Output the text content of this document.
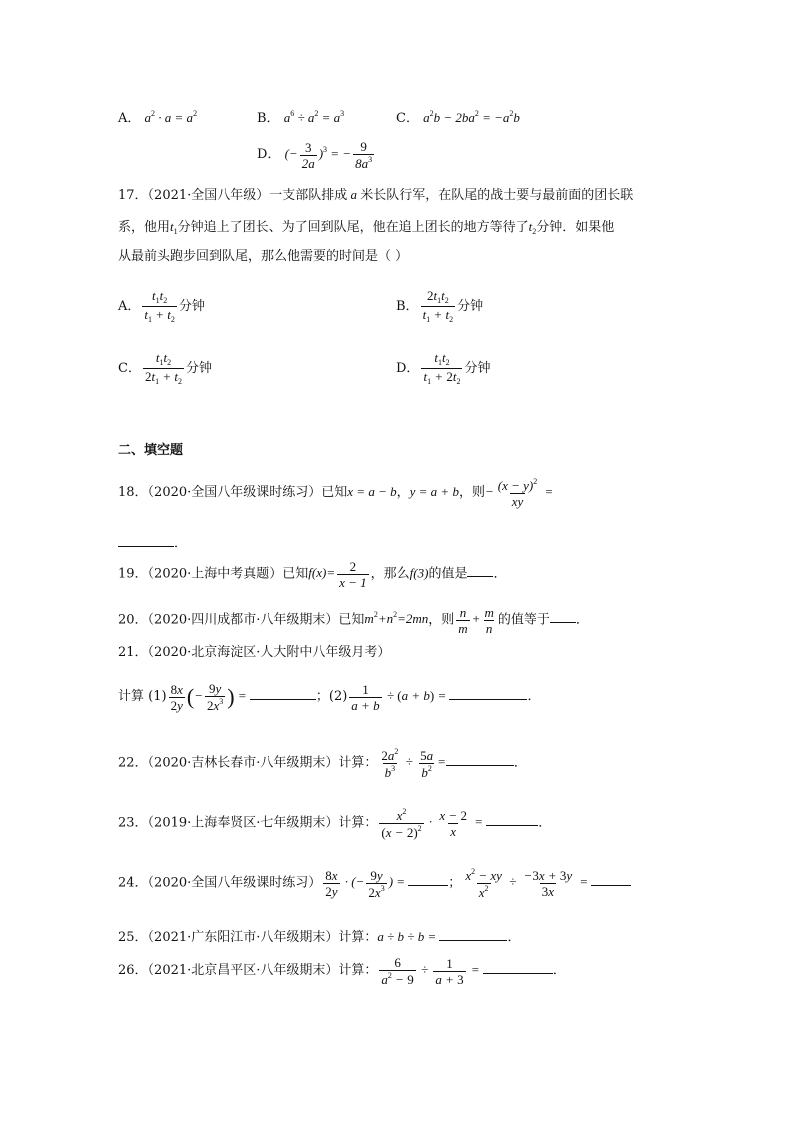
A． $a^2 \cdot a = a^2$	B． $a^6 \div a^2 = a^3$	C． $a^2b - 2ba^2 = -a^2b$
D． (− $\frac{3}{2a} )^3$ = − $\frac{9}{8a^3}$
17．（2021·全国八年级）一支部队排成 a 米长队行军，在队尾的战士要与最前面的团长联
系，他用$t_1$分钟追上了团长、为了回到队尾，他在追上团长的地方等待了$t_2$分钟．如果他
从最前头跑步回到队尾，那么他需要的时间是（ ）
A． $\frac{t_1t_2}{t_1 + t_2}$ 分钟	B． $\frac{2t_1t_2}{t_1 + t_2}$ 分钟
C． $\frac{t_1t_2}{2t_1 + t_2}$ 分钟	D． $\frac{t_1t_2}{t_1 + 2t_2}$ 分钟
二、填空题
18．（2020·全国八年级课时练习）已知x = a − b，y = a + b，则− $\frac{(x - y)^2}{xy}$ =
．
19．（2020·上海中考真题）已知$f(x)= \frac{2}{x - 1}$ ，那么f(3)的值是 ．
20．（2020·四川成都市·八年级期末）已知$m^2+n^2=2mn$，则 $\frac{n}{m} + \frac{m}{n}$ 的值等于 ．
21．（2020·北京海淀区·人大附中八年级月考）
计算 $(1) \frac{8x}{2y}$ (− $\frac{9y}{2x^3}$ ) =	；$(2) \frac{1}{a + b} \div (a + b)$ =	．
22．（2020·吉林长春市·八年级期末）计算： $\frac{2a^2}{b^3} \div \frac{5a}{b^2}$ =	．
23．（2019·上海奉贤区·七年级期末）计算： $\frac{x^2}{(x - 2)^2} \cdot \frac{x - 2}{x}$ =	．
24．（2020·全国八年级课时练习） $\frac{8x}{2y}$ · (− $\frac{9y}{2x^3}$ ) =	； $\frac{x^2 - xy}{x^2} \div \frac{-3x + 3y}{3x}$ =
25．（2021·广东阳江市·八年级期末）计算：a ÷ b ÷ b =	．
26．（2021·北京昌平区·八年级期末）计算： $\frac{6}{a^2 - 9} \div \frac{1}{a + 3}$ =	．
